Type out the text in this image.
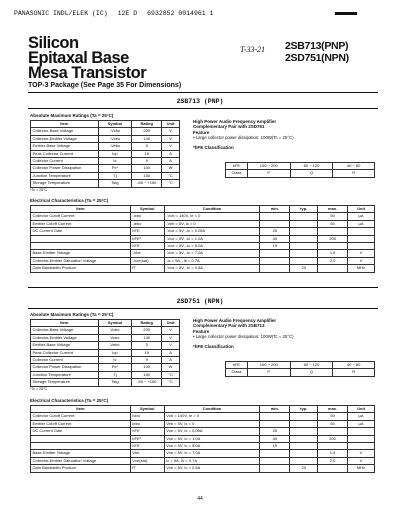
PANASONIC INDL/ELEK (IC) 12E D 6932852 0014961 1
Silicon
Epitaxal Base
Mesa Transistor
TOP-3 Package (See Page 35 For Dimensions)
T-33-21 2SB713(PNP)
2SD751(NPN)
2SB713 (PNP)
Absolute Maximum Ratings (Ta = 25°C)
Item	Symbol	Rating	Unit
Collector-Base Voltage	-Vcbo	200	V
Collector-Emitter Voltage	-Vceo	140	V
Emitter-Base Voltage	-Vebo	5	V
Peak Collector Current	Icp	15	A
Collector Current	Ic	9	A
Collector Power Dissipation	Pc*	100	W
Junction Temperature	Tj	150	°C
Storage Temperature	Tstg	-55 ~ +150	°C
*Tc = 25°C
High Power Audio Frequency Amplifier
Complementary Pair with 2SD751
Feature
• Large collector power dissipation: 100W(Tc = 25°C)
*hFE Classification
hFE	100 ~ 200	60 ~ 120	40 ~ 80
Class	P	Q	R
Electrical Characteristics (Ta = 25°C)
Item	Symbol	Condition	min.	typ.	max.	Unit
Collector Cutoff Current	-Icbo	-Vcb = 140V, Ie = 0			50	µA
Emitter Cutoff Current	-Iebo	-Veb = 5V, Ic = 0			50	µA
DC Current Gain	hFE	-Vce = 5V, -Ic = 0.05A	25			
	hFE*	-Vce = 5V, -Ic = 1.0A	40		200	
	hFE	-Vce = 5V, -Ic = 5.0A	15			
Base-Emitter Voltage	-Vbe	-Vce = 5V, -Ic = 7.0A			1.6	V
Collector-Emitter Saturation Voltage	-Vce(sat)	-Ic = 5A, -Ib = 0.7A			2.0	V
Gain Bandwidth Product	fT	-Vce = 5V, -Ic = 0.5A		20		MHz
2SD751 (NPN)
Absolute Maximum Ratings (Ta = 25°C)
Item	Symbol	Rating	Unit
Collector-Base Voltage	Vcbo	200	V
Collector-Emitter Voltage	Vceo	140	V
Emitter-Base Voltage	Vebo	5	V
Peak Collector Current	Icp	15	A
Collector Current	Ic	9	A
Collector Power Dissipation	Pc*	100	W
Junction Temperature	Tj	150	°C
Storage Temperature	Tstg	-55 ~ +150	°C
*Tc = 25°C
High Power Audio Frequency Amplifier
Complementary Pair with 2SB713
Feature
• Large collector power dissipation: 100W(Tc = 25°C)
*hFE Classification
hFE	100 ~ 200	60 ~ 120	40 ~ 80
Class	P	Q	R
Electrical Characteristics (Ta = 25°C)
Item	Symbol	Condition	min.	typ.	max.	Unit
Collector Cutoff Current	Icbo	Vcb = 140V, Ie = 0			50	µA
Emitter Cutoff Current	Iebo	Veb = 5V, Ic = 0			50	µA
DC Current Gain	hFE	Vce = 5V, Ic = 0.05A	25			
	hFE*	Vce = 5V, Ic = 1.0A	40		200	
	hFE	Vce = 5V, Ic = 5.0A	15			
Base-Emitter Voltage	Vbe	Vce = 5V, Ic = 7.0A			1.6	V
Collector-Emitter Saturation Voltage	Vce(sat)	Ic = 5A, Ib = 0.7A			2.0	V
Gain Bandwidth Product	fT	Vce = 5V, Ic = 0.5A		20		MHz
44
